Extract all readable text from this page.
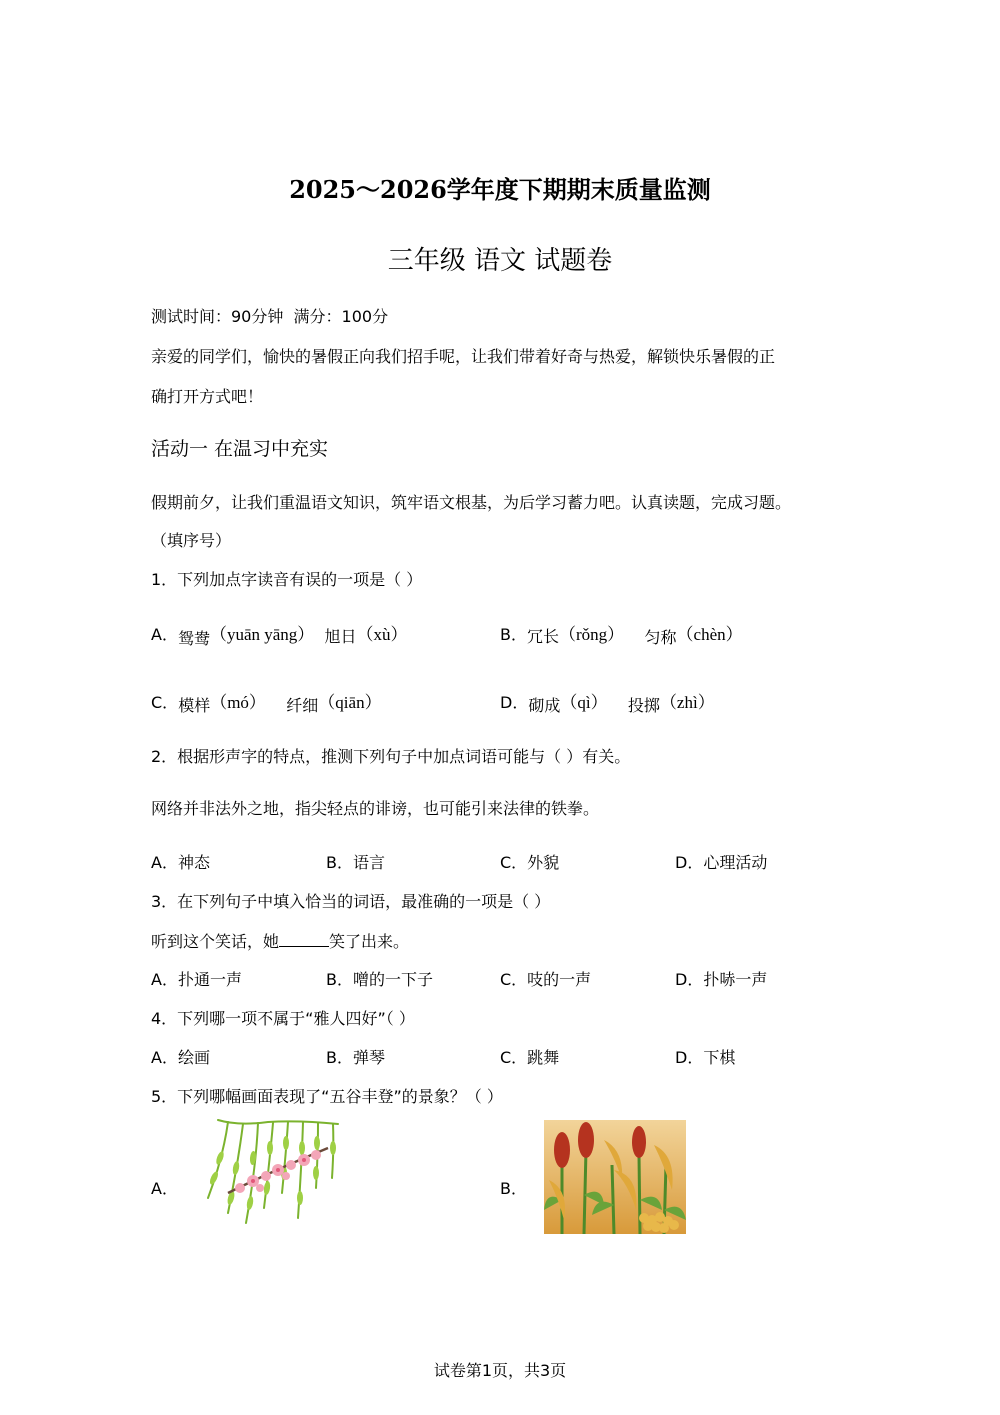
2025～2026学年度下期期末质量监测
三年级 语文 试题卷
测试时间：90分钟 满分：100分
亲爱的同学们，愉快的暑假正向我们招手呢，让我们带着好奇与热爱，解锁快乐暑假的正
确打开方式吧！
活动一 在温习中充实
假期前夕，让我们重温语文知识，筑牢语文根基，为后学习蓄力吧。认真读题，完成习题。
（填序号）
1．下列加点字读音有误的一项是（ ）
A．鸳鸯（yuān yāng） 旭日（xù）	B．冗长（rǒng） 匀称（chèn）
C．模样（mó） 纤细（qiān）	D．砌成（qì） 投掷（zhì）
2．根据形声字的特点，推测下列句子中加点词语可能与（ ）有关。
网络并非法外之地，指尖轻点的诽谤，也可能引来法律的铁拳。
A．神态	B．语言	C．外貌	D．心理活动
3．在下列句子中填入恰当的词语，最准确的一项是（ ）
听到这个笑话，她	笑了出来。
A．扑通一声	B．噌的一下子	C．吱的一声	D．扑哧一声
4．下列哪一项不属于“雅人四好”（ ）
A．绘画	B．弹琴	C．跳舞	D．下棋
5．下列哪幅画面表现了“五谷丰登”的景象？（ ）
A．	B．
试卷第1页，共3页
